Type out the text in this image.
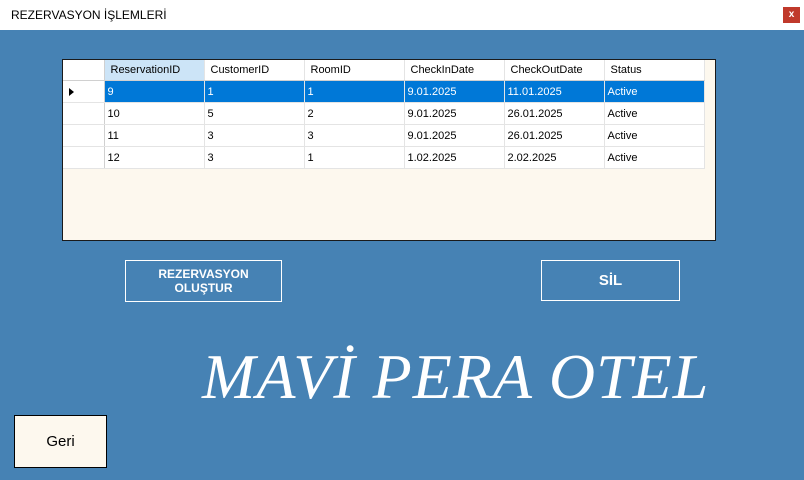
REZERVASYON İŞLEMLERİ	x
	ReservationID	CustomerID	RoomID	CheckInDate	CheckOutDate	Status
	9	1	1	9.01.2025	11.01.2025	Active
	10	5	2	9.01.2025	26.01.2025	Active
	11	3	3	9.01.2025	26.01.2025	Active
	12	3	1	1.02.2025	2.02.2025	Active
REZERVASYON
OLUŞTUR	SİL
MAVİ PERA OTEL
Geri
